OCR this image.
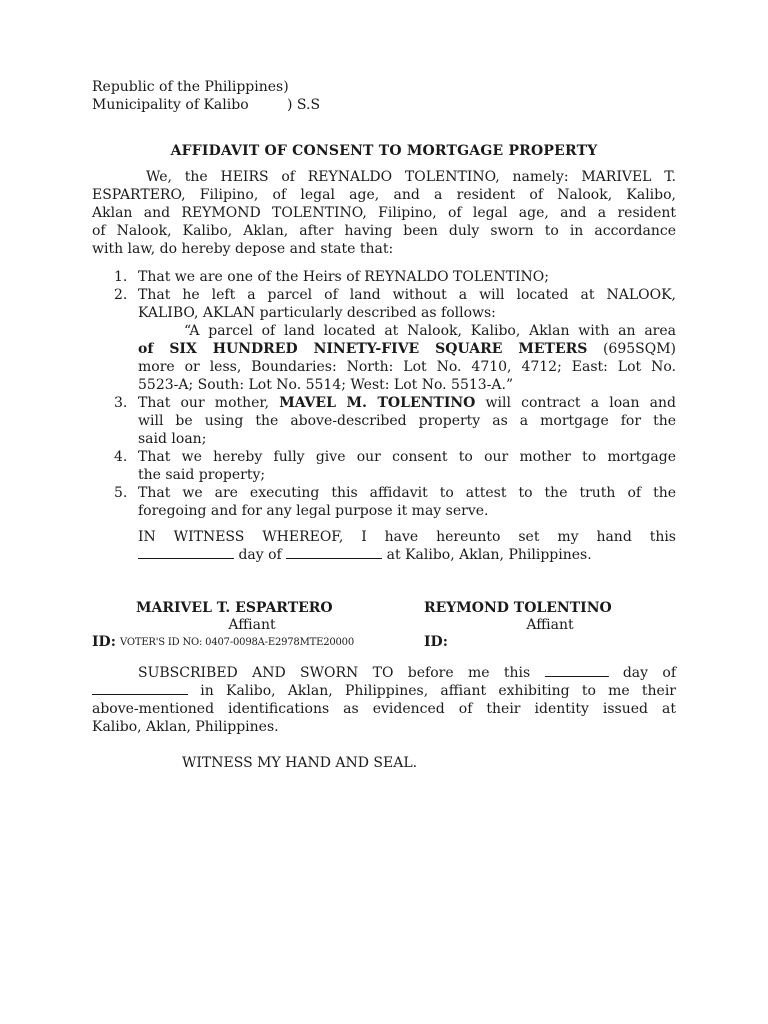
Republic of the Philippines)
Municipality of Kalibo	) S.S
AFFIDAVIT OF CONSENT TO MORTGAGE PROPERTY
We, the HEIRS of REYNALDO TOLENTINO, namely: MARIVEL T.
ESPARTERO, Filipino, of legal age, and a resident of Nalook, Kalibo,
Aklan and REYMOND TOLENTINO, Filipino, of legal age, and a resident
of Nalook, Kalibo, Aklan, after having been duly sworn to in accordance
with law, do hereby depose and state that:
1. That we are one of the Heirs of REYNALDO TOLENTINO;
2. That he left a parcel of land without a will located at NALOOK,
KALIBO, AKLAN particularly described as follows:
“A parcel of land located at Nalook, Kalibo, Aklan with an area
of SIX HUNDRED NINETY-FIVE SQUARE METERS (695SQM)
more or less, Boundaries: North: Lot No. 4710, 4712; East: Lot No.
5523-A; South: Lot No. 5514; West: Lot No. 5513-A.”
3. That our mother, MAVEL M. TOLENTINO will contract a loan and
will be using the above-described property as a mortgage for the
said loan;
4. That we hereby fully give our consent to our mother to mortgage
the said property;
5. That we are executing this affidavit to attest to the truth of the
foregoing and for any legal purpose it may serve.
IN WITNESS WHEREOF, I have hereunto set my hand this
day of	at Kalibo, Aklan, Philippines.
MARIVEL T. ESPARTERO
Affiant
REYMOND TOLENTINO
Affiant
ID: VOTER'S ID NO: 0407-0098A-E2978MTE20000	ID:
SUBSCRIBED AND SWORN TO before me this	day of
in Kalibo, Aklan, Philippines, affiant exhibiting to me their
above-mentioned identifications as evidenced of their identity issued at
Kalibo, Aklan, Philippines.
WITNESS MY HAND AND SEAL.
